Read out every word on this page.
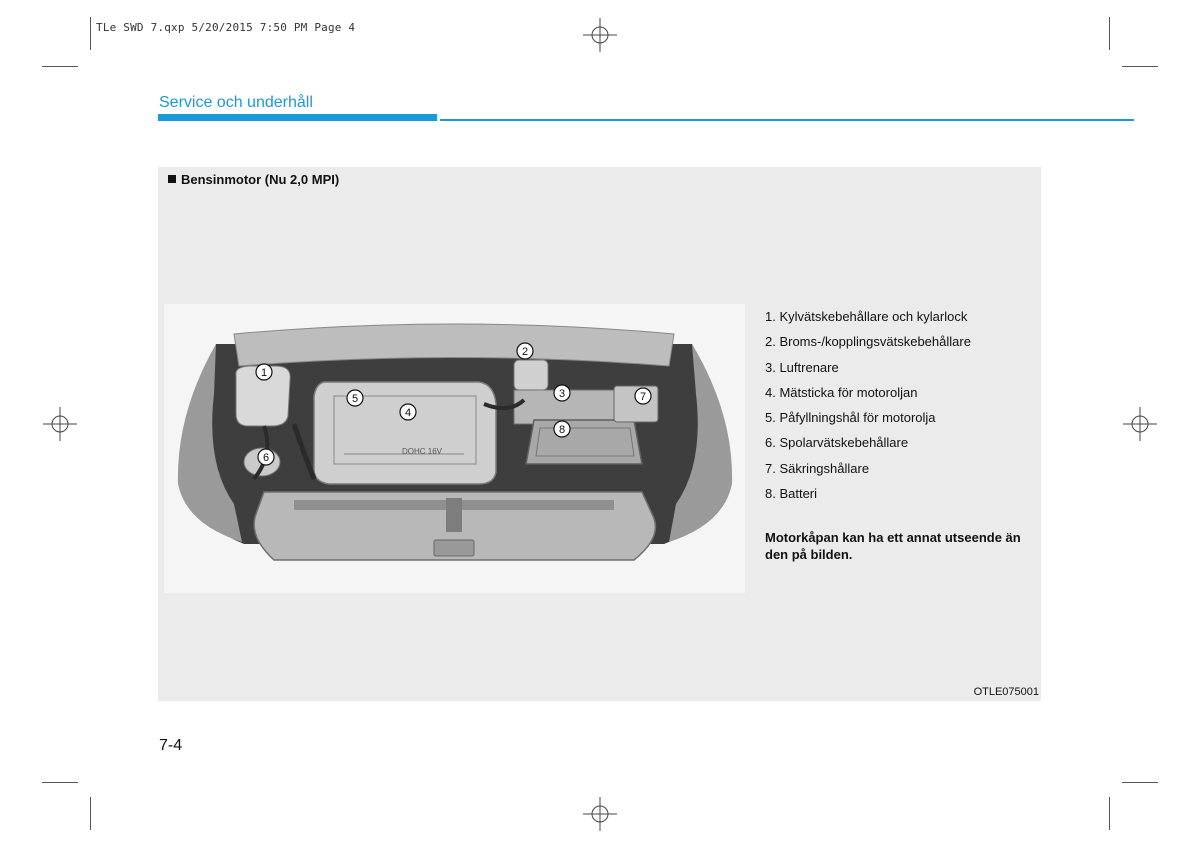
TLe SWD 7.qxp 5/20/2015 7:50 PM Page 4
Service och underhåll
Bensinmotor (Nu 2,0 MPI)
DOHC 16V
1
2
3
4
5
6
7
8
1. Kylvätskebehållare och kylarlock
2. Broms-/kopplingsvätskebehållare
3. Luftrenare
4. Mätsticka för motoroljan
5. Påfyllningshål för motorolja
6. Spolarvätskebehållare
7. Säkringshållare
8. Batteri
Motorkåpan kan ha ett annat utseende än den på bilden.
OTLE075001
7-4
